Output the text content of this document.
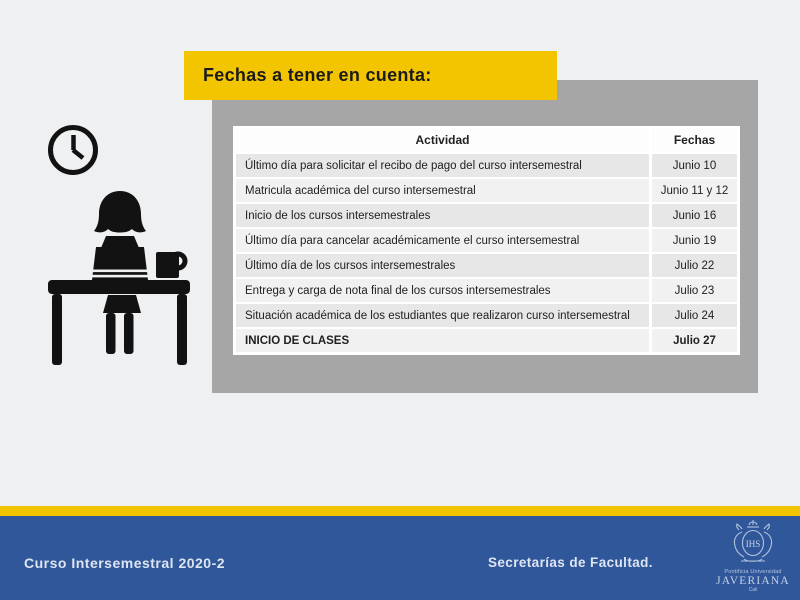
Fechas a tener en cuenta:
Actividad	Fechas
Último día para solicitar el recibo de pago del curso intersemestral	Junio 10
Matricula académica del curso intersemestral	Junio 11 y 12
Inicio de los cursos intersemestrales	Junio 16
Último día para cancelar académicamente el curso intersemestral	Junio 19
Último día de los cursos intersemestrales	Julio 22
Entrega y carga de nota final de los cursos intersemestrales	Julio 23
Situación académica de los estudiantes que realizaron curso intersemestral	Julio 24
INICIO DE CLASES	Julio 27
Curso Intersemestral 2020-2	Secretarías de Facultad.
IHS
Pontificia Universidad
JAVERIANA
Cali
